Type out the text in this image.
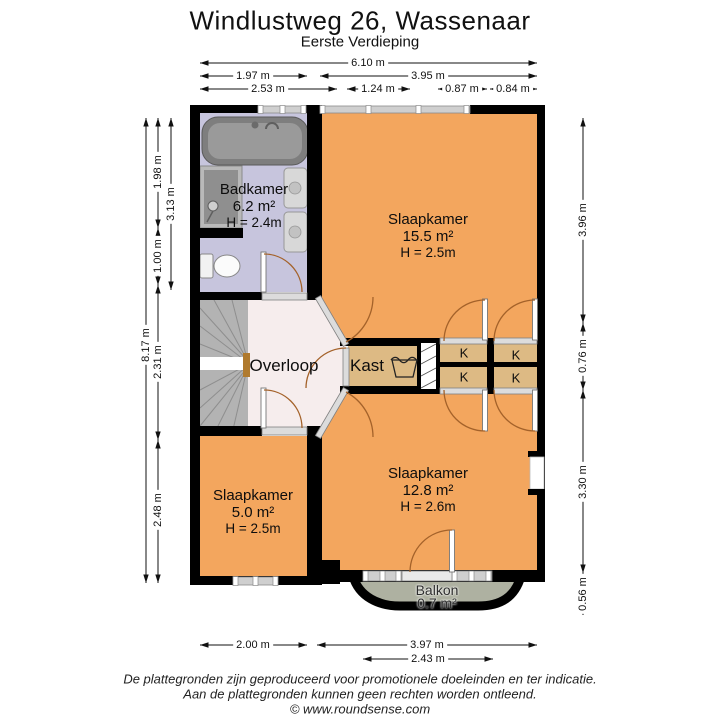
Windlustweg 26, Wassenaar
Eerste Verdieping
6.10 m
1.97 m	3.95 m
2.53 m	1.24 m	0.87 m 0.84 m
8.17 m
1.98 m
3.13 m
1.00 m
2.31 m
2.48 m
3.96 m
0.76 m
3.30 m
0.56 m
2.00 m	3.97 m
2.43 m
Badkamer
6.2 m²
H = 2.4m	Slaapkamer
15.5 m²
H = 2.5m
Overloop Kast
K	K
K	K
Slaapkamer
5.0 m²
H = 2.5m
Slaapkamer
12.8 m²
H = 2.6m
Balkon
0.7 m²
De plattegronden zijn geproduceerd voor promotionele doeleinden en ter indicatie.
Aan de plattegronden kunnen geen rechten worden ontleend.
© www.roundsense.com
